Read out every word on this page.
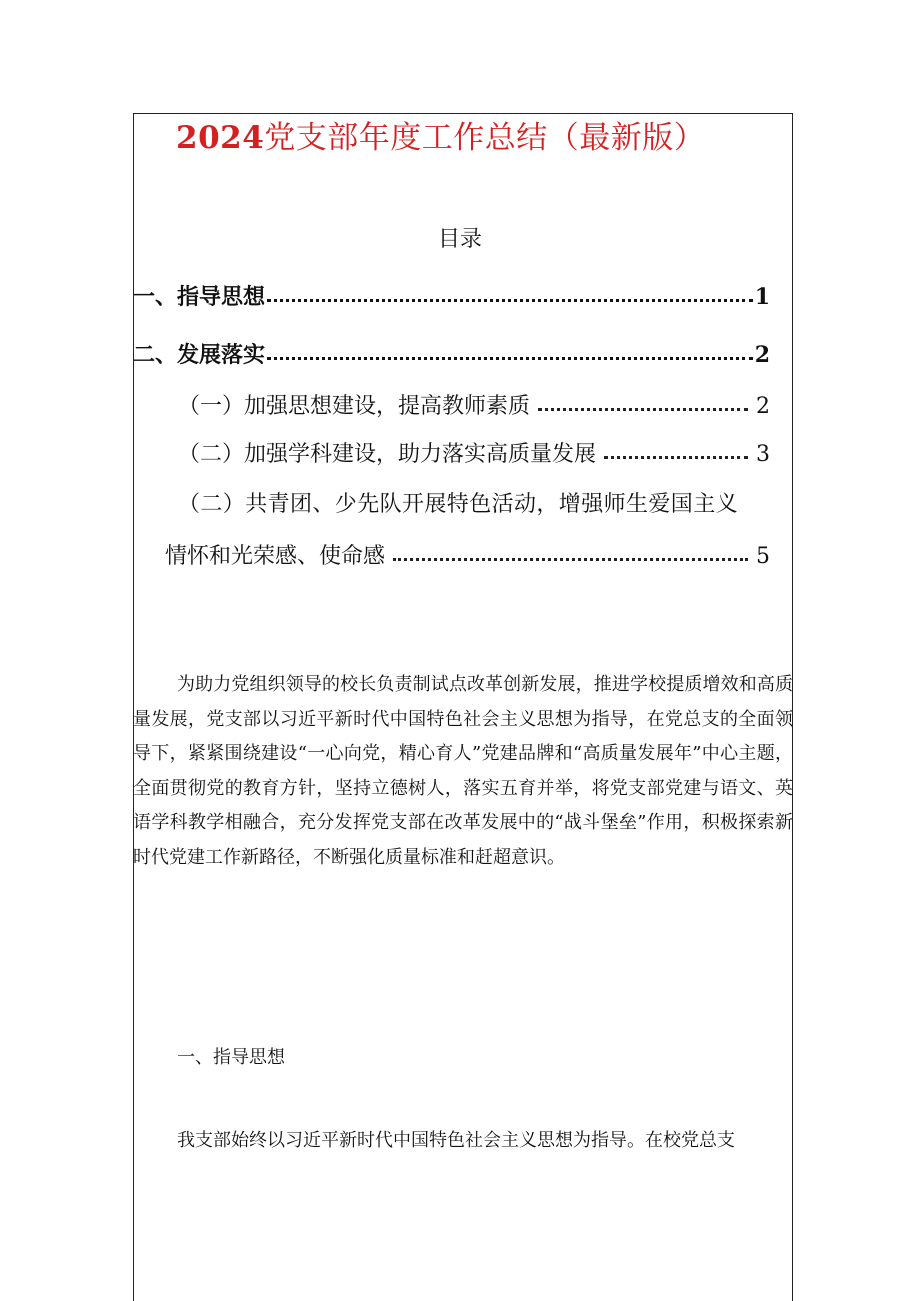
2024党支部年度工作总结（最新版）
目录
一、指导思想	1
二、发展落实	2
（一）加强思想建设，提高教师素质	2
（二）加强学科建设，助力落实高质量发展	3
（二）共青团、少先队开展特色活动，增强师生爱国主义
情怀和光荣感、使命感	5

为助力党组织领导的校长负责制试点改革创新发展，推进学校提质增效和高质量发展，党支部以习近平新时代中国特色社会主义思想为指导，在党总支的全面领导下，紧紧围绕建设“一心向党，精心育人”党建品牌和“高质量发展年”中心主题，全面贯彻党的教育方针，坚持立德树人，落实五育并举，将党支部党建与语文、英语学科教学相融合，充分发挥党支部在改革发展中的“战斗堡垒”作用，积极探索新时代党建工作新路径，不断强化质量标准和赶超意识。

一、指导思想

我支部始终以习近平新时代中国特色社会主义思想为指导。在校党总支
